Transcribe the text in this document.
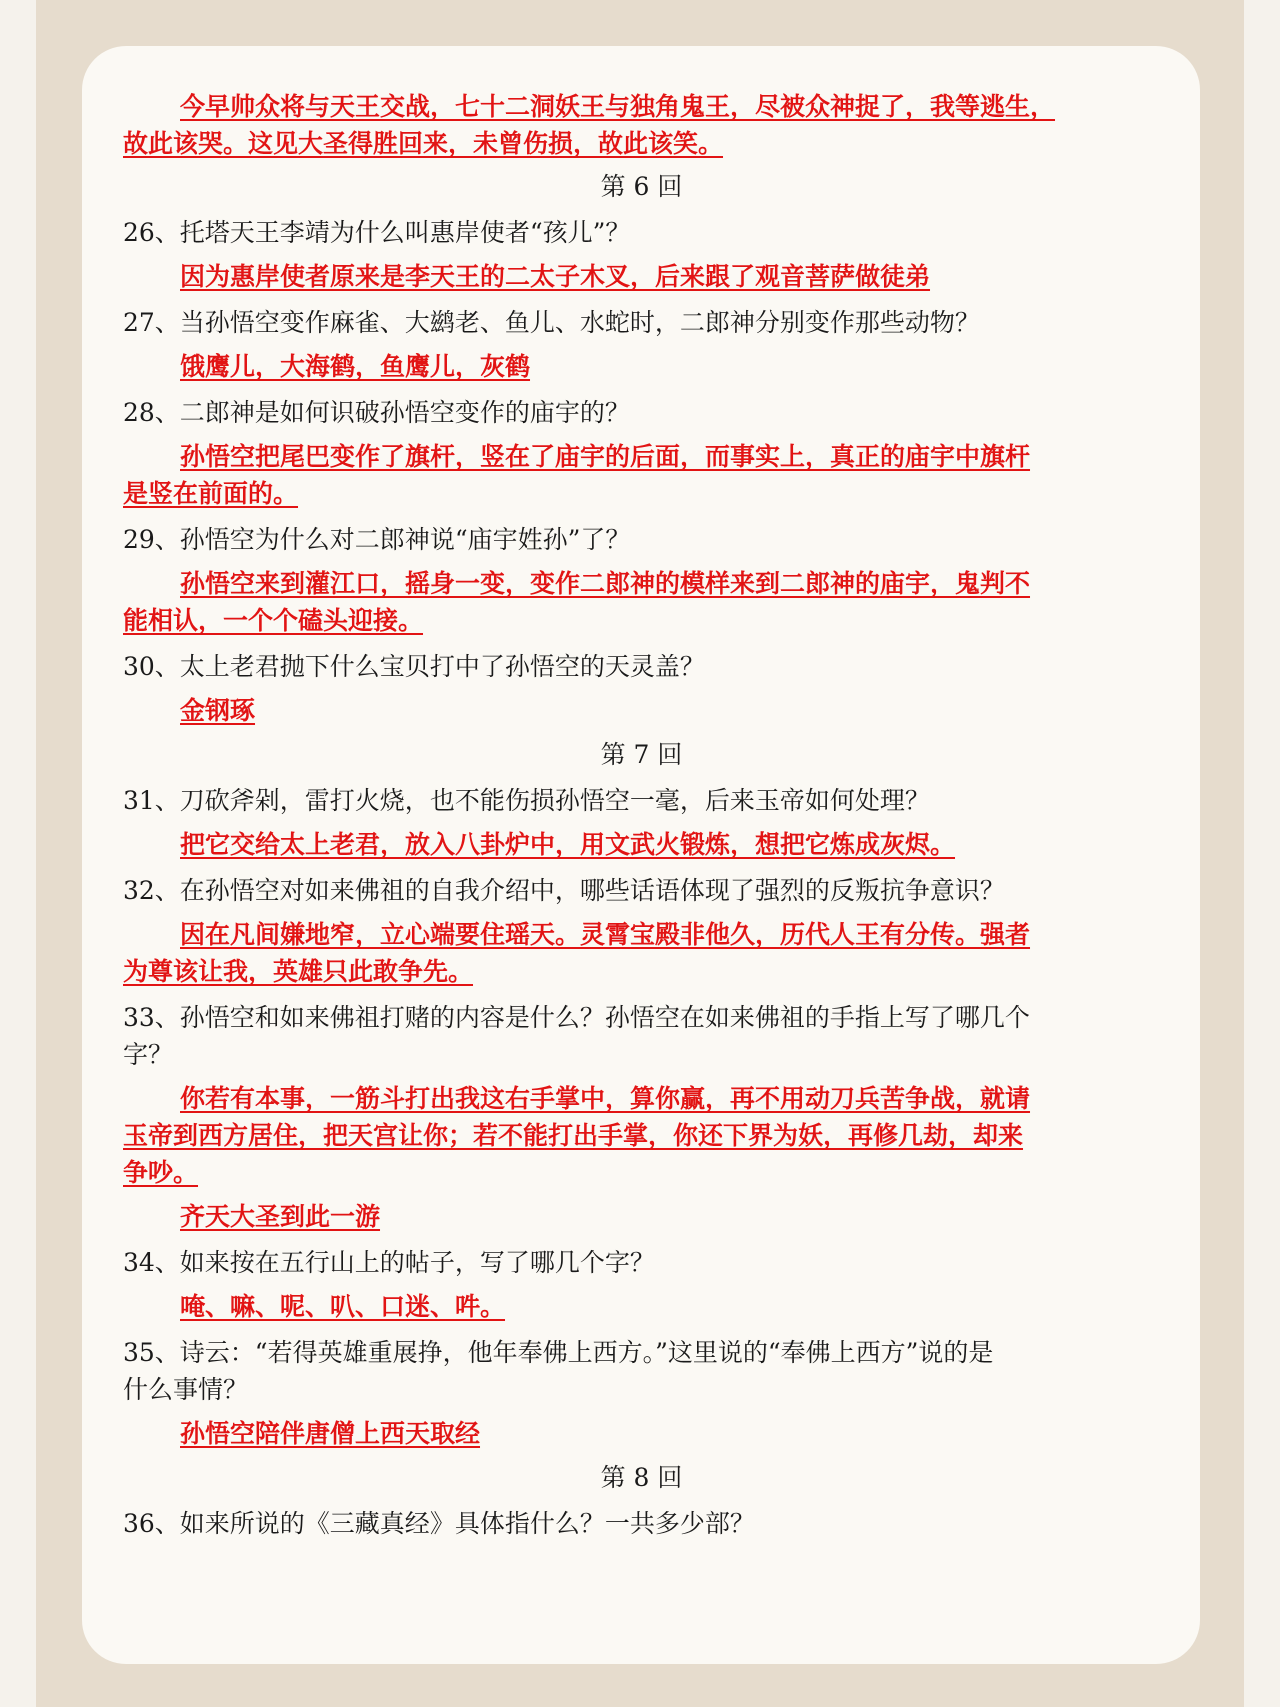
今早帅众将与天王交战，七十二洞妖王与独角鬼王，尽被众神捉了，我等逃生，
故此该哭。这见大圣得胜回来，未曾伤损，故此该笑。
第 6 回
26、托塔天王李靖为什么叫惠岸使者“孩儿”？
因为惠岸使者原来是李天王的二太子木叉，后来跟了观音菩萨做徒弟
27、当孙悟空变作麻雀、大鹚老、鱼儿、水蛇时，二郎神分别变作那些动物？
饿鹰儿，大海鹤，鱼鹰儿，灰鹤
28、二郎神是如何识破孙悟空变作的庙宇的？
孙悟空把尾巴变作了旗杆，竖在了庙宇的后面，而事实上，真正的庙宇中旗杆
是竖在前面的。
29、孙悟空为什么对二郎神说“庙宇姓孙”了？
孙悟空来到灌江口，摇身一变，变作二郎神的模样来到二郎神的庙宇，鬼判不
能相认，一个个磕头迎接。
30、太上老君抛下什么宝贝打中了孙悟空的天灵盖？
金钢琢
第 7 回
31、刀砍斧剁，雷打火烧，也不能伤损孙悟空一毫，后来玉帝如何处理？
把它交给太上老君，放入八卦炉中，用文武火锻炼，想把它炼成灰烬。
32、在孙悟空对如来佛祖的自我介绍中，哪些话语体现了强烈的反叛抗争意识？
因在凡间嫌地窄，立心端要住瑶天。灵霄宝殿非他久，历代人王有分传。强者
为尊该让我，英雄只此敢争先。
33、孙悟空和如来佛祖打赌的内容是什么？孙悟空在如来佛祖的手指上写了哪几个
字？
你若有本事，一筋斗打出我这右手掌中，算你赢，再不用动刀兵苦争战，就请
玉帝到西方居住，把天宫让你；若不能打出手掌，你还下界为妖，再修几劫，却来
争吵。
齐天大圣到此一游
34、如来按在五行山上的帖子，写了哪几个字？
唵、嘛、呢、叭、口迷、吽。
35、诗云：“若得英雄重展挣，他年奉佛上西方。”这里说的“奉佛上西方”说的是
什么事情？
孙悟空陪伴唐僧上西天取经
第 8 回
36、如来所说的《三藏真经》具体指什么？一共多少部？
